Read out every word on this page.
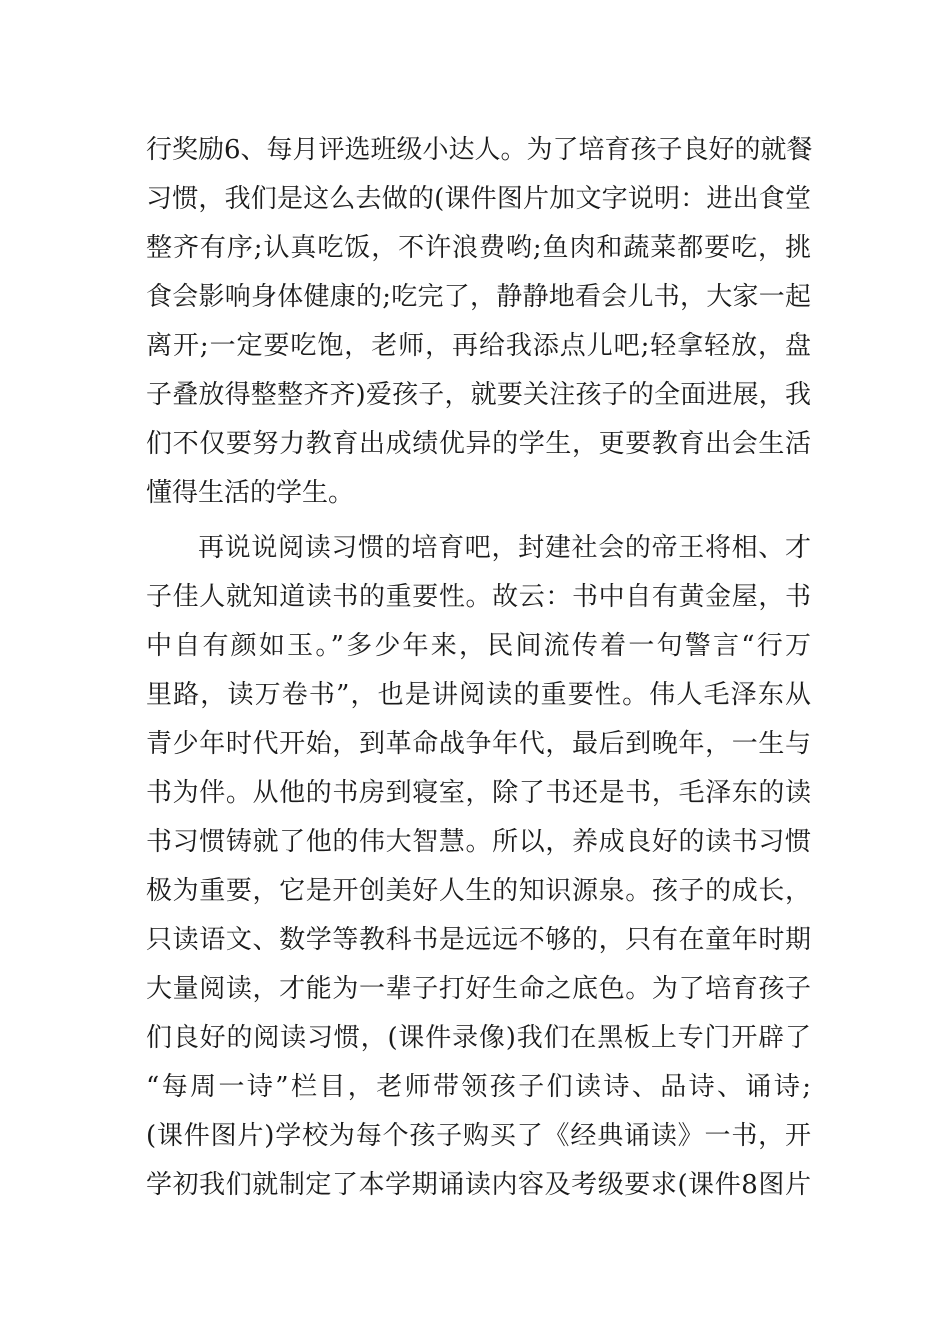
行奖励6、每月评选班级小达人。为了培育孩子良好的就餐
习惯，我们是这么去做的(课件图片加文字说明：进出食堂
整齐有序;认真吃饭，不许浪费哟;鱼肉和蔬菜都要吃，挑
食会影响身体健康的;吃完了，静静地看会儿书，大家一起
离开;一定要吃饱，老师，再给我添点儿吧;轻拿轻放，盘
子叠放得整整齐齐)爱孩子，就要关注孩子的全面进展，我
们不仅要努力教育出成绩优异的学生，更要教育出会生活
懂得生活的学生。
再说说阅读习惯的培育吧，封建社会的帝王将相、才
子佳人就知道读书的重要性。故云：书中自有黄金屋，书
中自有颜如玉。”多少年来，民间流传着一句警言“行万
里路，读万卷书”，也是讲阅读的重要性。伟人毛泽东从
青少年时代开始，到革命战争年代，最后到晚年，一生与
书为伴。从他的书房到寝室，除了书还是书，毛泽东的读
书习惯铸就了他的伟大智慧。所以，养成良好的读书习惯
极为重要，它是开创美好人生的知识源泉。孩子的成长，
只读语文、数学等教科书是远远不够的，只有在童年时期
大量阅读，才能为一辈子打好生命之底色。为了培育孩子
们良好的阅读习惯，(课件录像)我们在黑板上专门开辟了
“每周一诗”栏目，老师带领孩子们读诗、品诗、诵诗;
(课件图片)学校为每个孩子购买了《经典诵读》一书，开
学初我们就制定了本学期诵读内容及考级要求(课件8图片
